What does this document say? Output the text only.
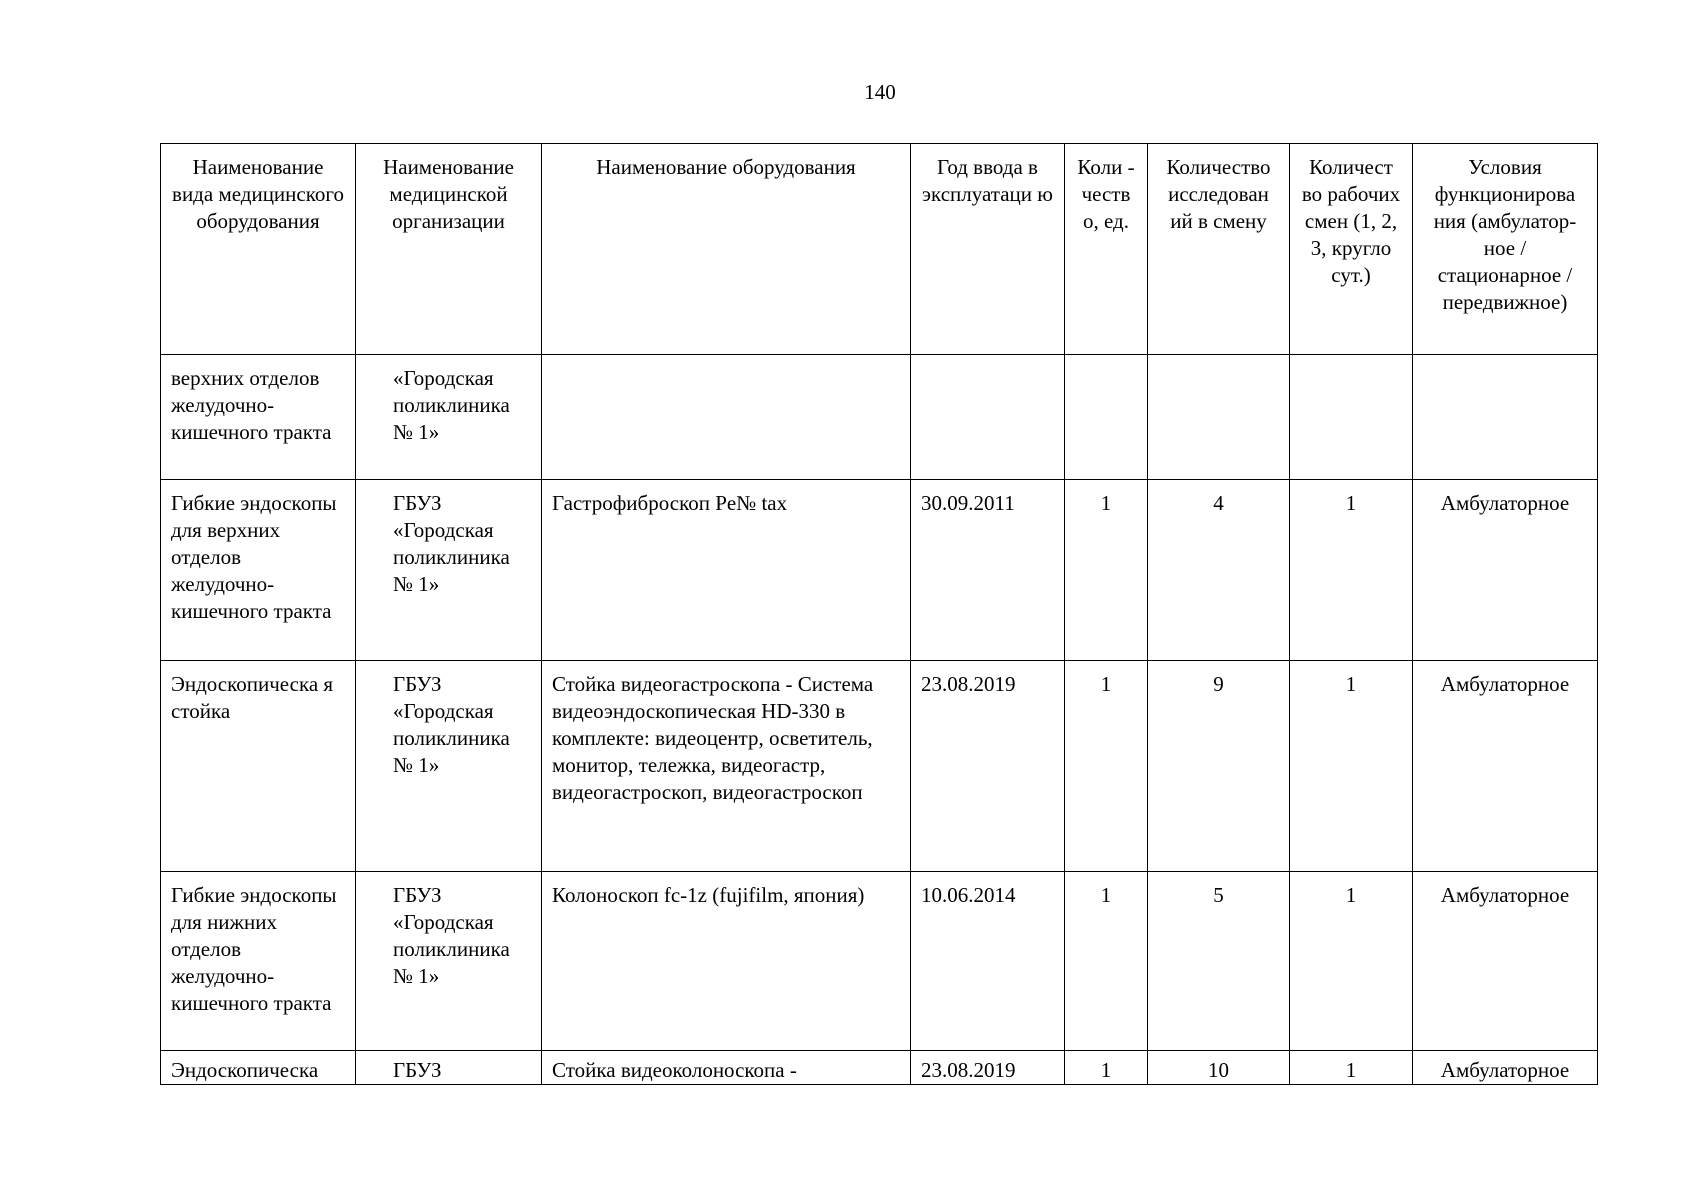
140
Наименование вида медицинского оборудования	Наименование медицинской организации	Наименование оборудования	Год ввода в эксплуатаци ю	Коли - честв о, ед.	Количество исследован ий в смену	Количест во рабочих смен (1, 2, 3, кругло сут.)	Условия функционирова ния (амбулатор- ное / стационарное / передвижное)
верхних отделов желудочно-кишечного тракта	«Городская поликлиника № 1»						
Гибкие эндоскопы для верхних отделов желудочно-кишечного тракта	ГБУЗ «Городская поликлиника № 1»	Гастрофиброскоп Pe№ tax	30.09.2011	1	4	1	Амбулаторное
Эндоскопическа я стойка	ГБУЗ «Городская поликлиника № 1»	Стойка видеогастроскопа - Система видеоэндоскопическая HD-330 в комплекте: видеоцентр, осветитель, монитор, тележка, видеогастр, видеогастроскоп, видеогастроскоп	23.08.2019	1	9	1	Амбулаторное
Гибкие эндоскопы для нижних отделов желудочно-кишечного тракта	ГБУЗ «Городская поликлиника № 1»	Колоноскоп fc-1z (fujifilm, япония)	10.06.2014	1	5	1	Амбулаторное
Эндоскопическа	ГБУЗ	Стойка видеоколоноскопа -	23.08.2019	1	10	1	Амбулаторное
